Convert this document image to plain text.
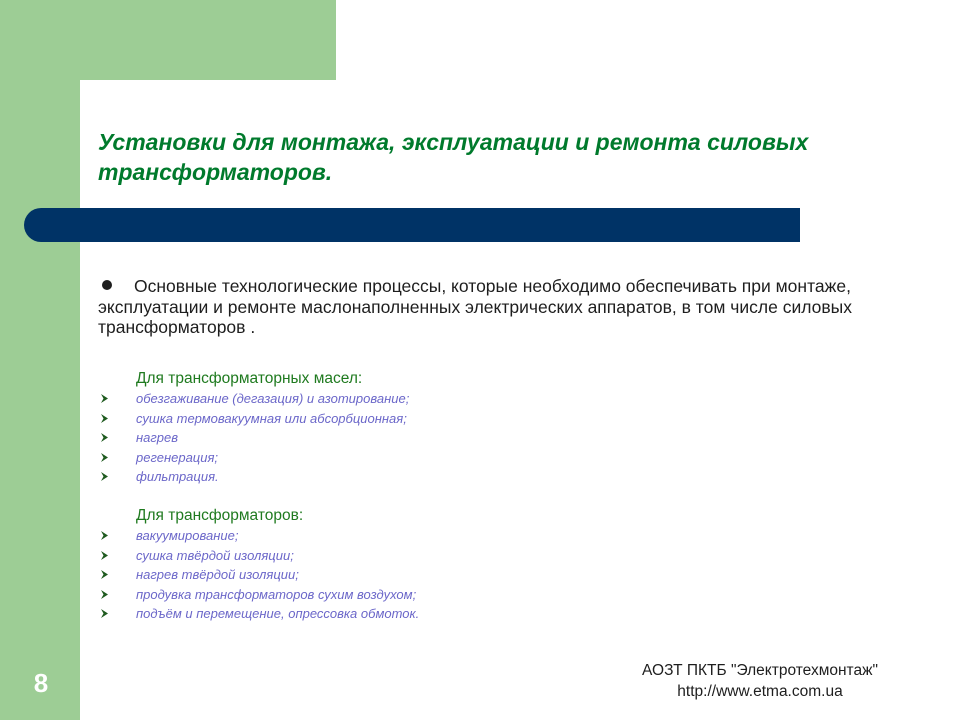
Установки для монтажа, эксплуатации и ремонта силовых трансформаторов.

Основные технологические процессы, которые необходимо обеспечивать при монтаже, эксплуатации и ремонте маслонаполненных электрических аппаратов, в том числе силовых трансформаторов .

Для трансформаторных масел:
обезгаживание (дегазация) и азотирование;
сушка термовакуумная или абсорбционная;
нагрев
регенерация;
фильтрация.
Для трансформаторов:
вакуумирование;
сушка твёрдой изоляции;
нагрев твёрдой изоляции;
продувка трансформаторов сухим воздухом;
подъём и перемещение, опрессовка обмоток.
8	АОЗТ ПКТБ "Электротехмонтаж"
http://www.etma.com.ua
